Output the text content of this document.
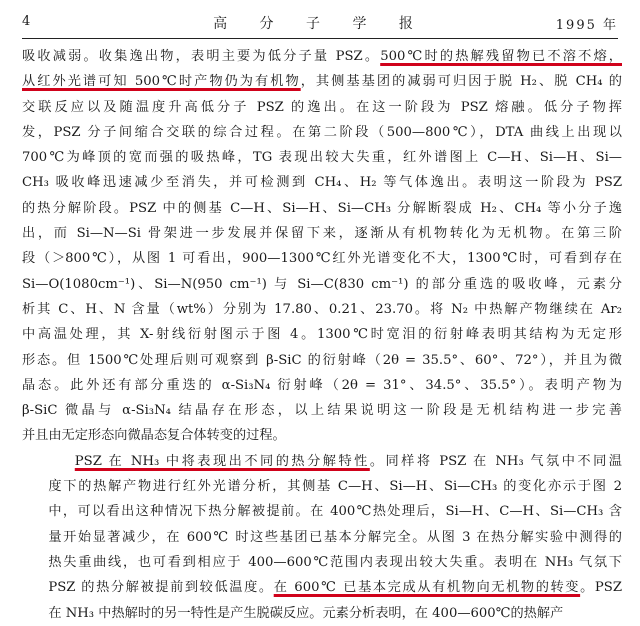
4	高 分 子 学 报	1995 年

吸收减弱。收集逸出物，表明主要为低分子量 PSZ。500℃时的热解残留物已不溶不熔，
从红外光谱可知 500℃时产物仍为有机物，其侧基基团的减弱可归因于脱 H₂、脱 CH₄ 的
交联反应以及随温度升高低分子 PSZ 的逸出。在这一阶段为 PSZ 熔融。低分子物挥
发，PSZ 分子间缩合交联的综合过程。在第二阶段（500—800℃），DTA 曲线上出现以
700℃为峰顶的宽而强的吸热峰，TG 表现出较大失重，红外谱图上 C—H、Si—H、Si—
CH₃ 吸收峰迅速减少至消失，并可检测到 CH₄、H₂ 等气体逸出。表明这一阶段为 PSZ
的热分解阶段。PSZ 中的侧基 C—H、Si—H、Si—CH₃ 分解断裂成 H₂、CH₄ 等小分子逸
出，而 Si—N—Si 骨架进一步发展并保留下来，逐渐从有机物转化为无机物。在第三阶
段（＞800℃），从图 1 可看出，900—1300℃红外光谱变化不大，1300℃时，可看到存在
Si—O(1080cm⁻¹)、Si—N(950 cm⁻¹) 与 Si—C(830 cm⁻¹) 的部分重选的吸收峰，元素分
析其 C、H、N 含量（wt%）分别为 17.80、0.21、23.70。将 N₂ 中热解产物继续在 Ar₂
中高温处理，其 X-射线衍射图示于图 4。1300℃时宽泪的衍射峰表明其结构为无定形
形态。但 1500℃处理后则可观察到 β-SiC 的衍射峰（2θ = 35.5°、60°、72°），并且为微
晶态。此外还有部分重迭的 α-Si₃N₄ 衍射峰（2θ = 31°、34.5°、35.5°）。表明产物为
β-SiC 微晶与 α-Si₃N₄ 结晶存在形态，以上结果说明这一阶段是无机结构进一步完善
并且由无定形态向微晶态复合体转变的过程。

PSZ 在 NH₃ 中将表现出不同的热分解特性。同样将 PSZ 在 NH₃ 气氛中不同温
度下的热解产物进行红外光谱分析，其侧基 C—H、Si—H、Si—CH₃ 的变化亦示于图 2
中，可以看出这种情况下热分解被提前。在 400℃热处理后，Si—H、C—H、Si—CH₃ 含
量开始显著减少，在 600℃ 时这些基团已基本分解完全。从图 3 在热分解实验中测得的
热失重曲线，也可看到相应于 400—600℃范围内表现出较大失重。表明在 NH₃ 气氛下
PSZ 的热分解被提前到较低温度。在 600℃ 已基本完成从有机物向无机物的转变。PSZ
在 NH₃ 中热解时的另一特性是产生脱碳反应。元素分析表明，在 400—600℃的热解产
